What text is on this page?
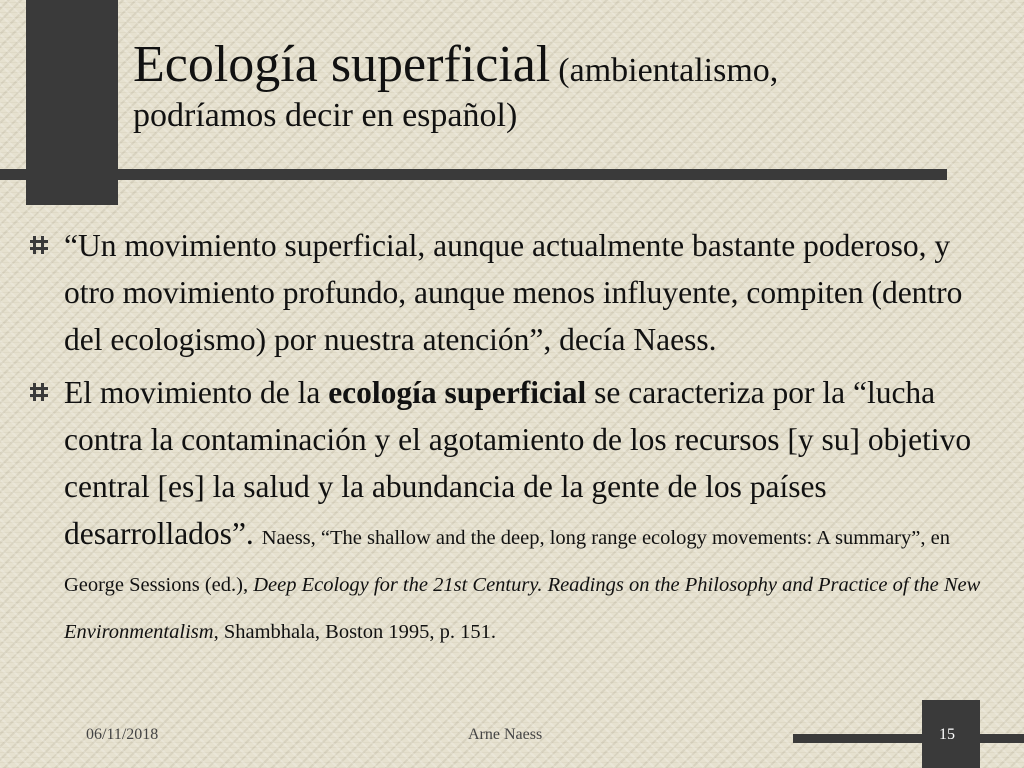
Ecología superficial (ambientalismo,
podríamos decir en español)
“Un movimiento superficial, aunque actualmente bastante poderoso, y otro movimiento profundo, aunque menos influyente, compiten (dentro del ecologismo) por nuestra atención”, decía Naess.
El movimiento de la ecología superficial se caracteriza por la “lucha contra la contaminación y el agotamiento de los recursos [y su] objetivo central [es] la salud y la abundancia de la gente de los países desarrollados”. Naess, “The shallow and the deep, long range ecology movements: A summary”, en George Sessions (ed.), Deep Ecology for the 21st Century. Readings on the Philosophy and Practice of the New Environmentalism, Shambhala, Boston 1995, p. 151.
06/11/2018	Arne Naess	15
